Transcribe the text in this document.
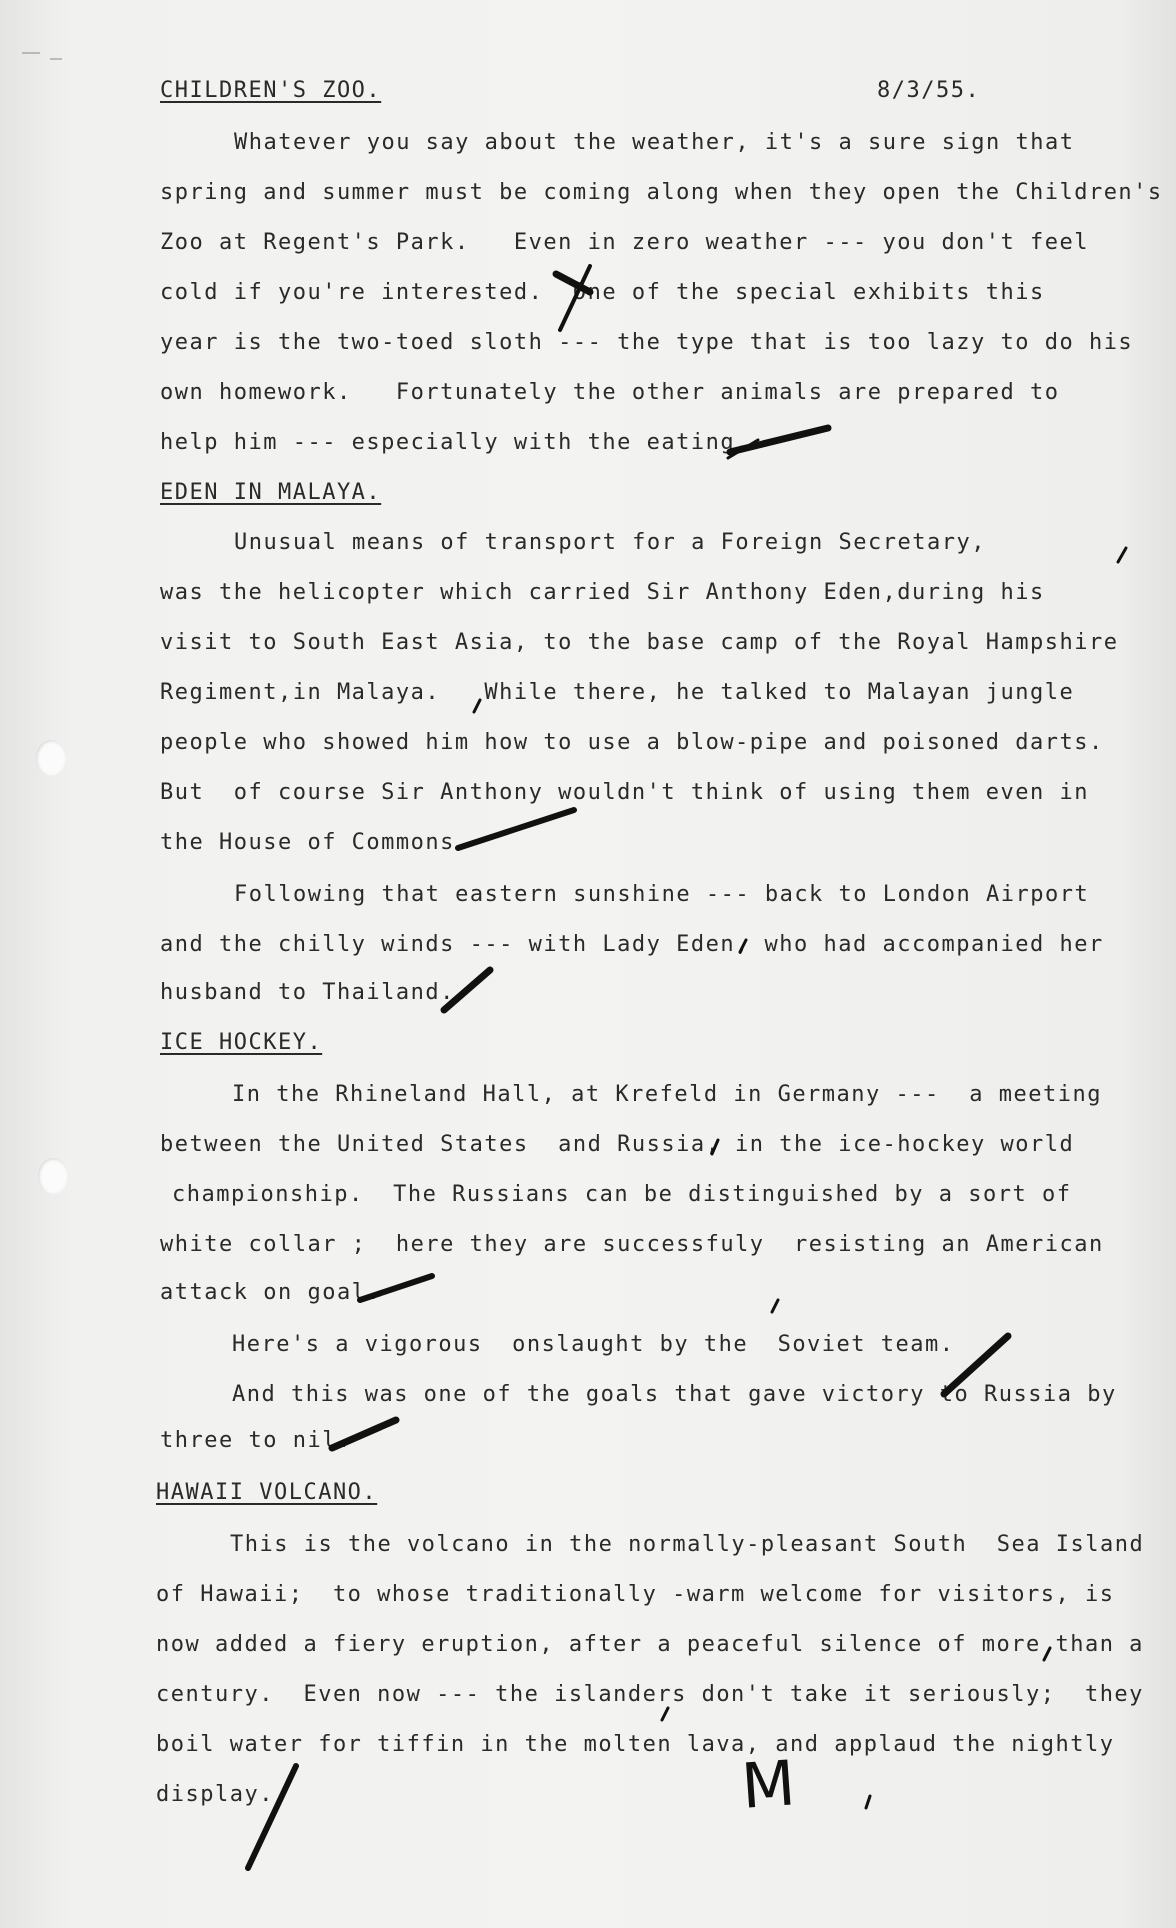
CHILDREN'S ZOO.	8/3/55.
Whatever you say about the weather, it's a sure sign that
spring and summer must be coming along when they open the Children's
Zoo at Regent's Park.   Even in zero weather --- you don't feel
cold if you're interested.  One of the special exhibits this
year is the two-toed sloth --- the type that is too lazy to do his
own homework.   Fortunately the other animals are prepared to
help him --- especially with the eating.
EDEN IN MALAYA.
Unusual means of transport for a Foreign Secretary,
was the helicopter which carried Sir Anthony Eden,during his
visit to South East Asia, to the base camp of the Royal Hampshire
Regiment,in Malaya.   While there, he talked to Malayan jungle
people who showed him how to use a blow-pipe and poisoned darts.
But  of course Sir Anthony wouldn't think of using them even in
the House of Commons.
Following that eastern sunshine --- back to London Airport
and the chilly winds --- with Lady Eden, who had accompanied her
husband to Thailand.
ICE HOCKEY.
In the Rhineland Hall, at Krefeld in Germany ---  a meeting
between the United States  and Russia, in the ice-hockey world
championship.  The Russians can be distinguished by a sort of
white collar ;  here they are successfuly  resisting an American
attack on goal.
Here's a vigorous  onslaught by the  Soviet team.
And this was one of the goals that gave victory to Russia by
three to nil.
HAWAII VOLCANO.
This is the volcano in the normally-pleasant South  Sea Island
of Hawaii;  to whose traditionally -warm welcome for visitors, is
now added a fiery eruption, after a peaceful silence of more than a
century.  Even now --- the islanders don't take it seriously;  they
boil water for tiffin in the molten lava, and applaud the nightly
display.	M
